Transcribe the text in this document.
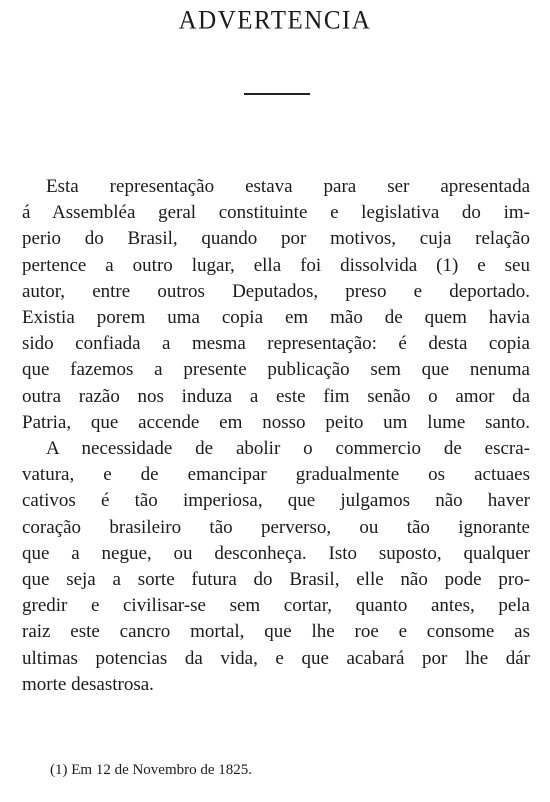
ADVERTENCIA
Esta representação estava para ser apresentada
á Assembléa geral constituinte e legislativa do im-
perio do Brasil, quando por motivos, cuja relação
pertence a outro lugar, ella foi dissolvida (1) e seu
autor, entre outros Deputados, preso e deportado.
Existia porem uma copia em mão de quem havia
sido confiada a mesma representação: é desta copia
que fazemos a presente publicação sem que nenuma
outra razão nos induza a este fim senão o amor da
Patria, que accende em nosso peito um lume santo.
A necessidade de abolir o commercio de escra-
vatura, e de emancipar gradualmente os actuaes
cativos é tão imperiosa, que julgamos não haver
coração brasileiro tão perverso, ou tão ignorante
que a negue, ou desconheça. Isto suposto, qualquer
que seja a sorte futura do Brasil, elle não pode pro-
gredir e civilisar-se sem cortar, quanto antes, pela
raiz este cancro mortal, que lhe roe e consome as
ultimas potencias da vida, e que acabará por lhe dár
morte desastrosa.
(1) Em 12 de Novembro de 1825.
